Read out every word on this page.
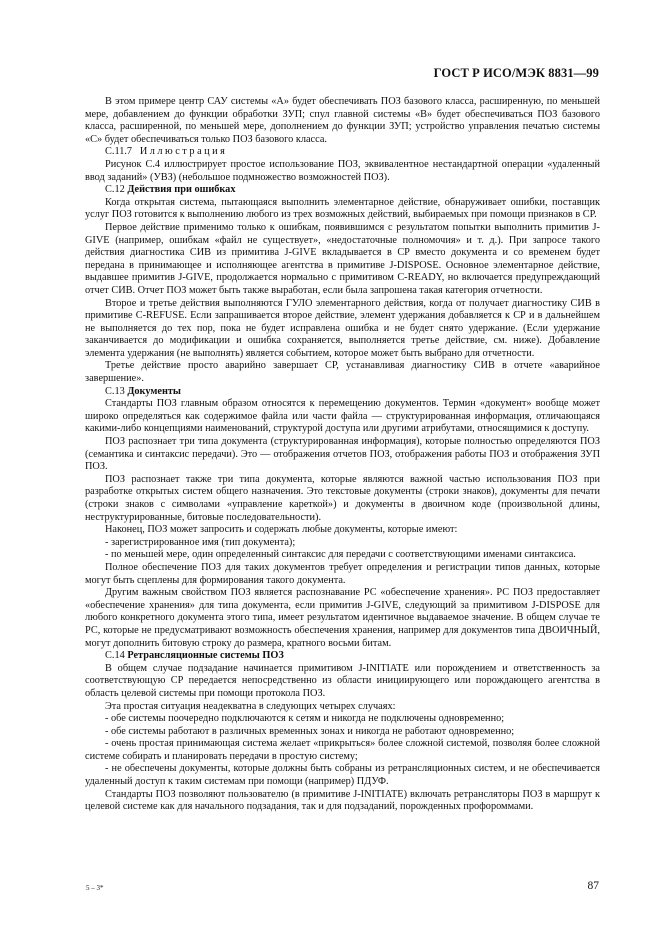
ГОСТ Р ИСО/МЭК 8831—99

В этом примере центр САУ системы «А» будет обеспечивать ПОЗ базового класса, расширенную, по меньшей мере, добавлением до функции обработки ЗУП; спул главной системы «В» будет обеспечиваться ПОЗ базового класса, расширенной, по меньшей мере, дополнением до функции ЗУП; устройство управления печатью системы «С» будет обеспечиваться только ПОЗ базового класса.

С.11.7 Иллюстрация

Рисунок С.4 иллюстрирует простое использование ПОЗ, эквивалентное нестандартной операции «удаленный ввод заданий» (УВЗ) (небольшое подмножество возможностей ПОЗ).

С.12 Действия при ошибках

Когда открытая система, пытающаяся выполнить элементарное действие, обнаруживает ошибки, поставщик услуг ПОЗ готовится к выполнению любого из трех возможных действий, выбираемых при помощи признаков в СР.

Первое действие применимо только к ошибкам, появившимся с результатом попытки выполнить примитив J-GIVE (например, ошибкам «файл не существует», «недостаточные полномочия» и т. д.). При запросе такого действия диагностика СИВ из примитива J-GIVE вкладывается в СР вместо документа и со временем будет передана в принимающее и исполняющее агентства в примитиве J-DISPOSE. Основное элементарное действие, выдавшее примитив J-GIVE, продолжается нормально с примитивом C-READY, но включается предупреждающий отчет СИВ. Отчет ПОЗ может быть также выработан, если была запрошена такая категория отчетности.

Второе и третье действия выполняются ГУЛО элементарного действия, когда от получает диагностику СИВ в примитиве C-REFUSE. Если запрашивается второе действие, элемент удержания добавляется к СР и в дальнейшем не выполняется до тех пор, пока не будет исправлена ошибка и не будет снято удержание. (Если удержание заканчивается до модификации и ошибка сохраняется, выполняется третье действие, см. ниже). Добавление элемента удержания (не выполнять) является событием, которое может быть выбрано для отчетности.

Третье действие просто аварийно завершает СР, устанавливая диагностику СИВ в отчете «аварийное завершение».

С.13 Документы

Стандарты ПОЗ главным образом относятся к перемещению документов. Термин «документ» вообще может широко определяться как содержимое файла или части файла — структурированная информация, отличающаяся какими-либо концепциями наименований, структурой доступа или другими атрибутами, относящимися к доступу.

ПОЗ распознает три типа документа (структурированная информация), которые полностью определяются ПОЗ (семантика и синтаксис передачи). Это — отображения отчетов ПОЗ, отображения работы ПОЗ и отображения ЗУП ПОЗ.

ПОЗ распознает также три типа документа, которые являются важной частью использования ПОЗ при разработке открытых систем общего назначения. Это текстовые документы (строки знаков), документы для печати (строки знаков с символами «управление кареткой») и документы в двоичном коде (произвольной длины, неструктурированные, битовые последовательности).

Наконец, ПОЗ может запросить и содержать любые документы, которые имеют:

- зарегистрированное имя (тип документа);

- по меньшей мере, один определенный синтаксис для передачи с соответствующими именами синтаксиса.

Полное обеспечение ПОЗ для таких документов требует определения и регистрации типов данных, которые могут быть сцеплены для формирования такого документа.

Другим важным свойством ПОЗ является распознавание РС «обеспечение хранения». РС ПОЗ предоставляет «обеспечение хранения» для типа документа, если примитив J-GIVE, следующий за примитивом J-DISPOSE для любого конкретного документа этого типа, имеет результатом идентичное выдаваемое значение. В общем случае те РС, которые не предусматривают возможность обеспечения хранения, например для документов типа ДВОИЧНЫЙ, могут дополнить битовую строку до размера, кратного восьми битам.

С.14 Ретрансляционные системы ПОЗ

В общем случае подзадание начинается примитивом J-INITIATE или порождением и ответственность за соответствующую СР передается непосредственно из области инициирующего или порождающего агентства в область целевой системы при помощи протокола ПОЗ.

Эта простая ситуация неадекватна в следующих четырех случаях:

- обе системы поочередно подключаются к сетям и никогда не подключены одновременно;

- обе системы работают в различных временных зонах и никогда не работают одновременно;

- очень простая принимающая система желает «прикрыться» более сложной системой, позволяя более сложной системе собирать и планировать передачи в простую систему;

- не обеспечены документы, которые должны быть собраны из ретрансляционных систем, и не обеспечивается удаленный доступ к таким системам при помощи (например) ПДУФ.

Стандарты ПОЗ позволяют пользователю (в примитиве J-INITIATE) включать ретрансляторы ПОЗ в маршрут к целевой системе как для начального подзадания, так и для подзаданий, порожденных профороммами.

5 – 3*	87
